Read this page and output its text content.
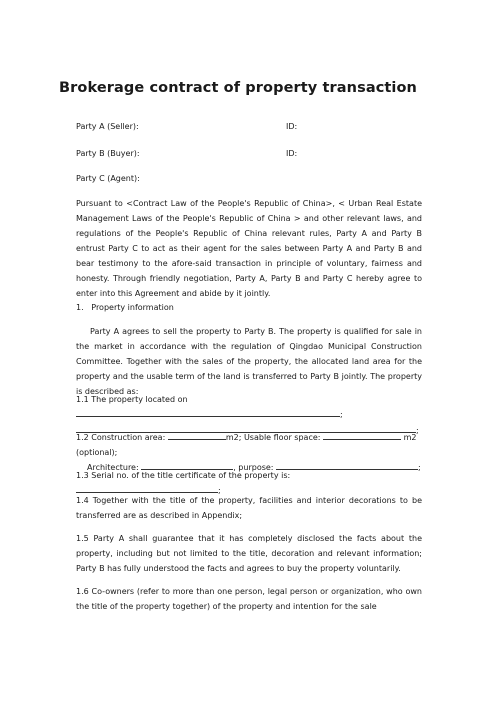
Brokerage contract of property transaction
Party A (Seller):	ID:
Party B (Buyer):	ID:
Party C (Agent):
Pursuant to <Contract Law of the People's Republic of China>, < Urban Real Estate Management Laws of the People's Republic of China > and other relevant laws, and regulations of the People's Republic of China relevant rules, Party A and Party B entrust Party C to act as their agent for the sales between Party A and Party B and bear testimony to the afore-said transaction in principle of voluntary, fairness and honesty. Through friendly negotiation, Party A, Party B and Party C hereby agree to enter into this Agreement and abide by it jointly.
1.   Property information
Party A agrees to sell the property to Party B. The property is qualified for sale in the market in accordance with the regulation of Qingdao Municipal Construction Committee. Together with the sales of the property, the allocated land area for the property and the usable term of the land is transferred to Party B jointly. The property is described as:
1.1 The property located on ;
;
1.2 Construction area:	m2; Usable floor space:	m2 (optional);
Architecture:	, purpose:	;
1.3 Serial no. of the title certificate of the property is: ;
1.4 Together with the title of the property, facilities and interior decorations to be transferred are as described in Appendix;
1.5 Party A shall guarantee that it has completely disclosed the facts about the property, including but not limited to the title, decoration and relevant information; Party B has fully understood the facts and agrees to buy the property voluntarily.
1.6 Co-owners (refer to more than one person, legal person or organization, who own the title of the property together) of the property and intention for the sale
